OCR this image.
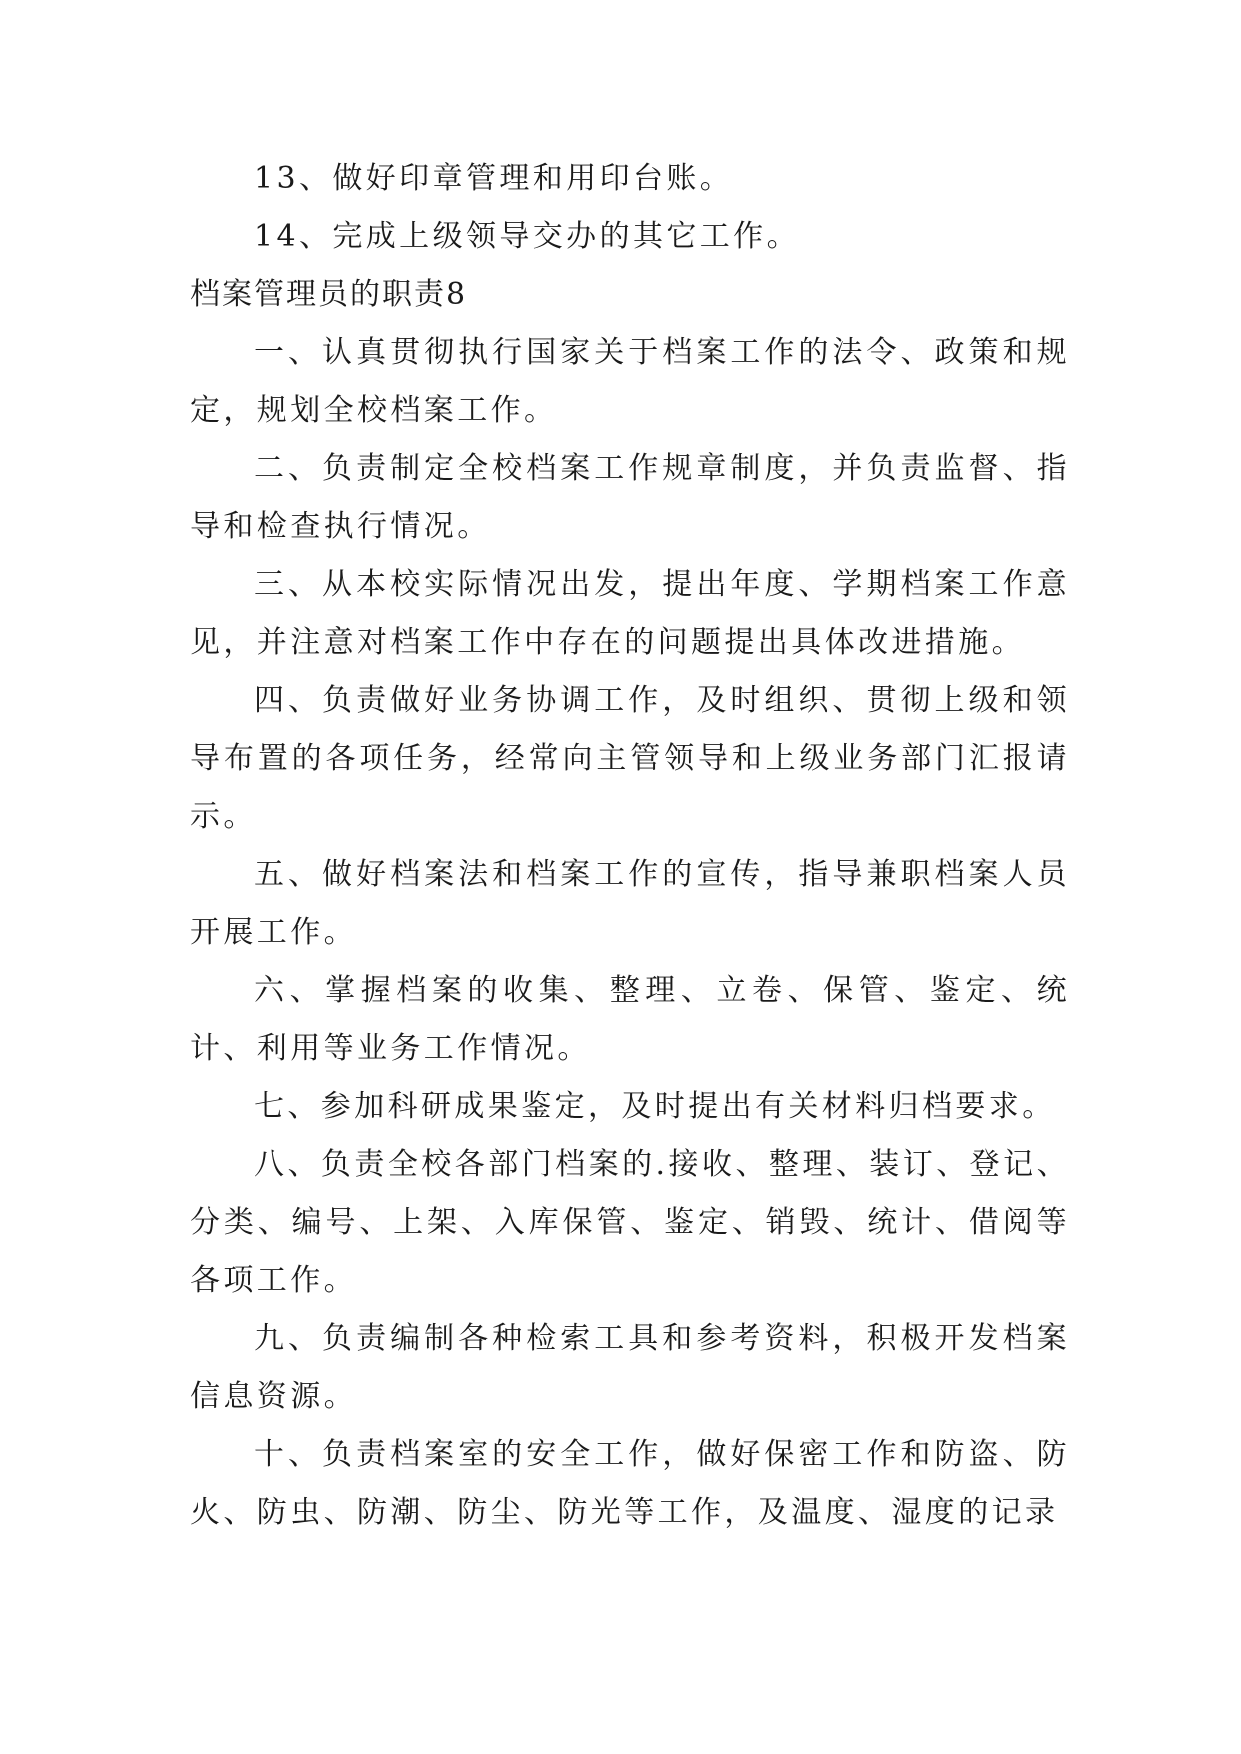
13、做好印章管理和用印台账。

14、完成上级领导交办的其它工作。

档案管理员的职责8

一、认真贯彻执行国家关于档案工作的法令、政策和规定，规划全校档案工作。

二、负责制定全校档案工作规章制度，并负责监督、指导和检查执行情况。

三、从本校实际情况出发，提出年度、学期档案工作意见，并注意对档案工作中存在的问题提出具体改进措施。

四、负责做好业务协调工作，及时组织、贯彻上级和领导布置的各项任务，经常向主管领导和上级业务部门汇报请示。

五、做好档案法和档案工作的宣传，指导兼职档案人员开展工作。

六、掌握档案的收集、整理、立卷、保管、鉴定、统计、利用等业务工作情况。

七、参加科研成果鉴定，及时提出有关材料归档要求。

八、负责全校各部门档案的.接收、整理、装订、登记、分类、编号、上架、入库保管、鉴定、销毁、统计、借阅等各项工作。

九、负责编制各种检索工具和参考资料，积极开发档案信息资源。

十、负责档案室的安全工作，做好保密工作和防盗、防火、防虫、防潮、防尘、防光等工作，及温度、湿度的记录
